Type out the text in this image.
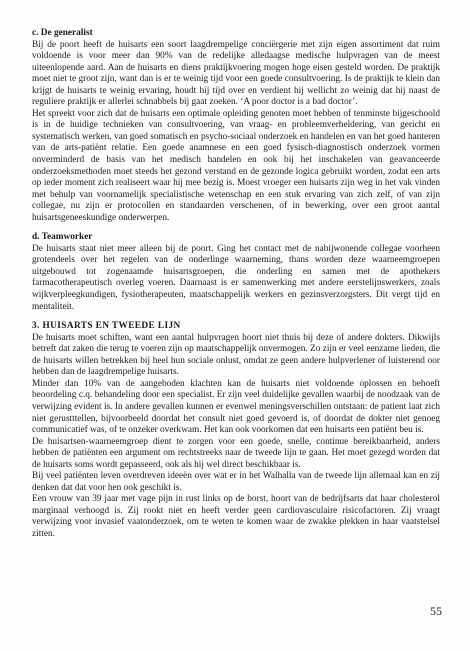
c. De generalist

Bij de poort heeft de huisarts een soort laagdrempelige conciërgerie met zijn eigen assortiment dat ruim voldoende is voor meer dan 90% van de redelijke alledaagse medische hulpvragen van de meest uiteenlopende aard. Aan de huisarts en diens praktijkvoering mogen hoge eisen gesteld worden. De praktijk moet niet te groot zijn, want dan is er te weinig tijd voor een goede consultvoering. Is de praktijk te klein dan krijgt de huisarts te weinig ervaring, houdt hij tijd over en verdient hij wellicht zo weinig dat hij naast de reguliere praktijk er allerlei schnabbels bij gaat zoeken. ‘A poor doctor is a bad doctor’.

Het spreekt voor zich dat de huisarts een optimale opleiding genoten moet hebben of tenminste bijgeschoold is in de huidige technieken van consultvoering, van vraag- en probleemverheldering, van gericht en systematisch werken, van goed somatisch en psycho-sociaal onderzoek en handelen en van het goed hanteren van de arts-patiënt relatie. Een goede anamnese en een goed fysisch-diagnostisch onderzoek vormen onverminderd de basis van het medisch handelen en ook bij het inschakelen van geavanceerde onderzoeksmethoden moet steeds het gezond verstand en de gezonde logica gebruikt worden, zodat een arts op ieder moment zich realiseert waar hij mee bezig is. Moest vroeger een huisarts zijn weg in het vak vinden met behulp van voornamelijk specialistische wetenschap en een stuk ervaring van zich zelf, of van zijn collegae, nu zijn er protocollen en standaarden verschenen, of in bewerking, over een groot aantal huisartsgeneeskundige onderwerpen.

d. Teamworker

De huisarts staat niet meer alleen bij de poort. Ging het contact met de nabijwonende collegae voorheen grotendeels over het regelen van de onderlinge waarneming, thans worden deze waarneemgroepen uitgebouwd tot zogenaamde huisartsgroepen, die onderling en samen met de apothekers farmacotherapeutisch overleg voeren. Daarnaast is er samenwerking met andere eerstelijnswerkers, zoals wijkverpleegkundigen, fysiotherapeuten, maatschappelijk werkers en gezinsverzorgsters. Dit vergt tijd en mentaliteit.

3. HUISARTS EN TWEEDE LIJN

De huisarts moet schiften, want een aantal hulpvragen hoort niet thuis bij deze of andere dokters. Dikwijls betreft dat zaken die terug te voeren zijn op maatschappelijk onvermogen. Zo zijn er veel eenzame lieden, die de huisarts willen betrekken bij heel hun sociale onlust, omdat ze geen andere hulpverlener of luisterend oor hebben dan de laagdrempelige huisarts.

Minder dan 10% van de aangeboden klachten kan de huisarts niet voldoende oplossen en behoeft beoordeling c.q. behandeling door een specialist. Er zijn veel duidelijke gevallen waarbij de noodzaak van de verwijzing evident is. In andere gevallen kunnen er evenwel meningsverschillen ontstaan: de patient laat zich niet gerustttellen, bijvoorbeeld doordat het consult niet goed gevoerd is, of doordat de dokter niet genoeg communicatief was, of te onzeker overkwam. Het kan ook voorkomen dat een huisarts een patiënt beu is.

De huisartsen-waarneemgroep dient te zorgen voor een goede, snelle, continue bereikbaarheid, anders hebben de patiënten een argument om rechtstreeks naar de tweede lijn te gaan. Het moet gezegd worden dat de huisarts soms wordt gepasseerd, ook als hij wel direct beschikbaar is.

Bij veel patiënten leven overdreven ideeën over wat er in het Walhalla van de tweede lijn allemaal kan en zij denken dat dat voor hen ook geschikt is.

Een vrouw van 39 jaar met vage pijn in rust links op de borst, hoort van de bedrijfsarts dat haar cholesterol marginaal verhoogd is. Zij rookt niet en heeft verder geen cardiovasculaire risicofactoren. Zij vraagt verwijzing voor invasief vaatonderzoek, om te weten te komen waar de zwakke plekken in haar vaatstelsel zitten.

55
